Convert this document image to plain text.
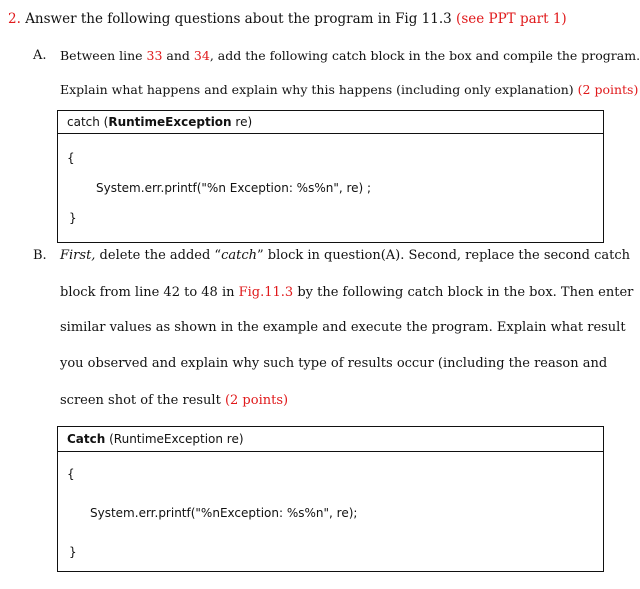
2. Answer the following questions about the program in Fig 11.3 (see PPT part 1)
A. Between line 33 and 34, add the following catch block in the box and compile the program.
Explain what happens and explain why this happens (including only explanation) (2 points)
catch (RuntimeException re)
{
System.err.printf("%n Exception: %s%n", re) ;
}
B. First, delete the added “catch” block in question(A). Second, replace the second catch
block from line 42 to 48 in Fig.11.3 by the following catch block in the box. Then enter
similar values as shown in the example and execute the program. Explain what result
you observed and explain why such type of results occur (including the reason and
screen shot of the result (2 points)
Catch (RuntimeException re)
{
System.err.printf("%nException: %s%n", re);
}
